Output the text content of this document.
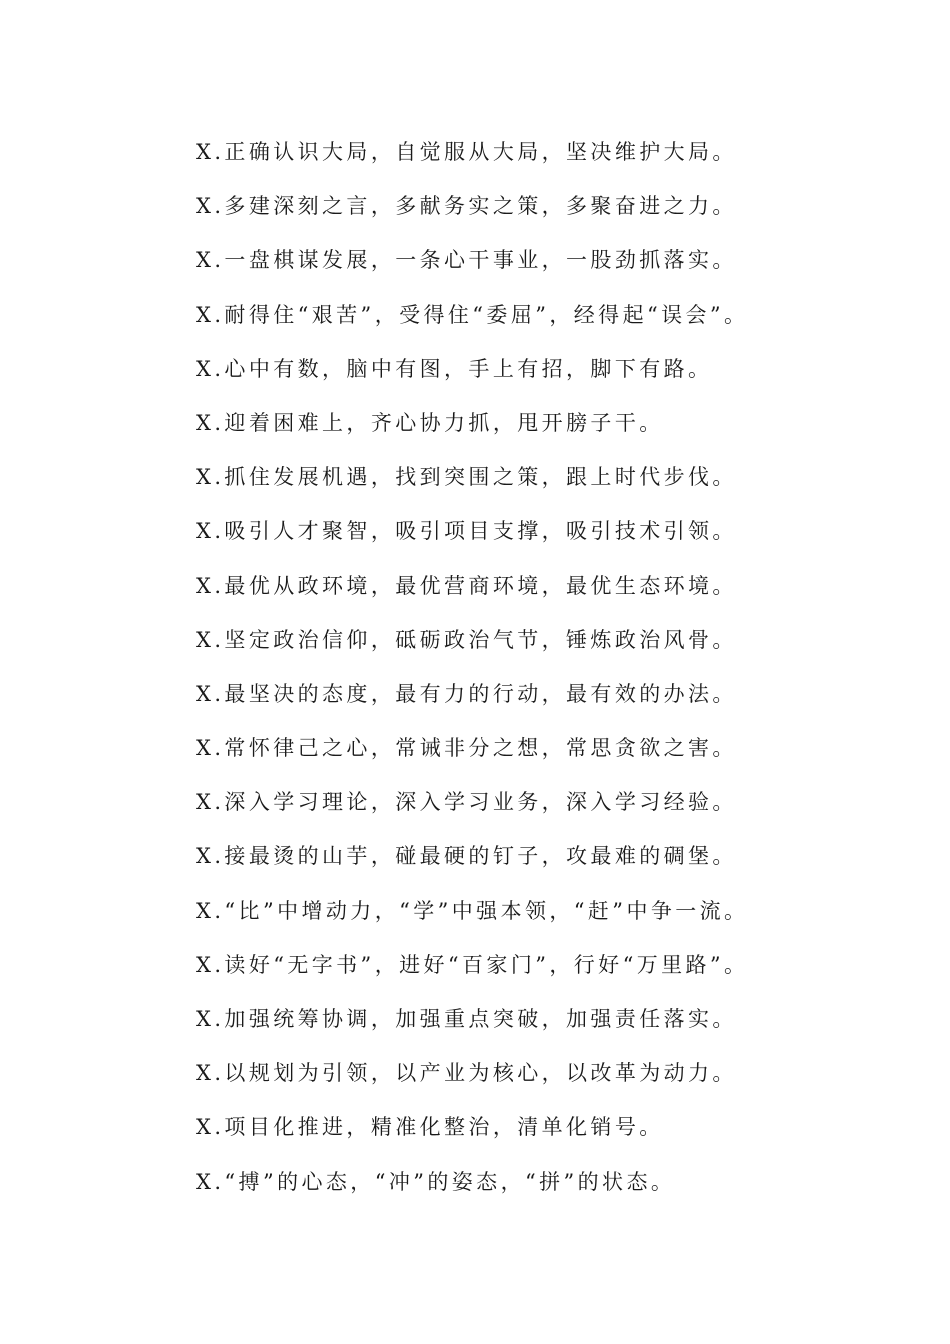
X.正确认识大局，自觉服从大局，坚决维护大局。
X.多建深刻之言，多献务实之策，多聚奋进之力。
X.一盘棋谋发展，一条心干事业，一股劲抓落实。
X.耐得住“艰苦”，受得住“委屈”，经得起“误会”。
X.心中有数，脑中有图，手上有招，脚下有路。
X.迎着困难上，齐心协力抓，甩开膀子干。
X.抓住发展机遇，找到突围之策，跟上时代步伐。
X.吸引人才聚智，吸引项目支撑，吸引技术引领。
X.最优从政环境，最优营商环境，最优生态环境。
X.坚定政治信仰，砥砺政治气节，锤炼政治风骨。
X.最坚决的态度，最有力的行动，最有效的办法。
X.常怀律己之心，常诫非分之想，常思贪欲之害。
X.深入学习理论，深入学习业务，深入学习经验。
X.接最烫的山芋，碰最硬的钉子，攻最难的碉堡。
X.“比”中增动力，“学”中强本领，“赶”中争一流。
X.读好“无字书”，进好“百家门”，行好“万里路”。
X.加强统筹协调，加强重点突破，加强责任落实。
X.以规划为引领，以产业为核心，以改革为动力。
X.项目化推进，精准化整治，清单化销号。
X.“搏”的心态，“冲”的姿态，“拼”的状态。
